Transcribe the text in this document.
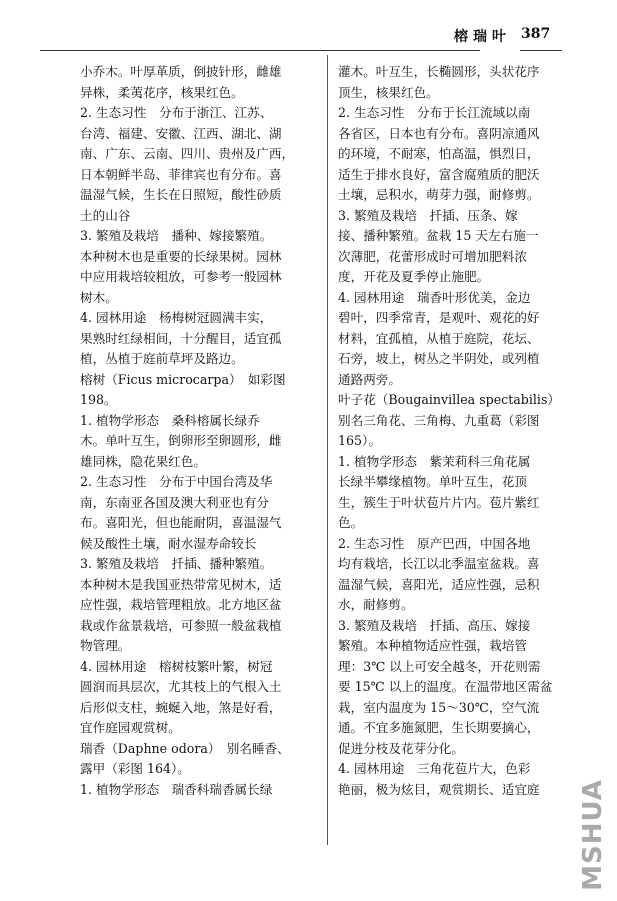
榕瑞叶 387
小乔木。叶厚革质，倒披针形，雌雄
异株，柔荑花序，核果红色。
2. 生态习性　分布于浙江、江苏、
台湾、福建、安徽、江西、湖北、湖
南、广东、云南、四川、贵州及广西，
日本朝鲜半岛、菲律宾也有分布。喜
温湿气候，生长在日照短，酸性砂质
土的山谷
3. 繁殖及栽培　播种、嫁接繁殖。
本种树木也是重要的长绿果树。园林
中应用栽培较粗放，可参考一般园林
树木。
4. 园林用途　杨梅树冠圆满丰实，
果熟时红绿相间，十分醒目，适宜孤
植，丛植于庭前草坪及路边。
榕树（Ficus microcarpa）　如彩图
198。
1. 植物学形态　桑科榕属长绿乔
木。单叶互生，倒卵形至卵圆形，雌
雄同株，隐花果红色。
2. 生态习性　分布于中国台湾及华
南，东南亚各国及澳大利亚也有分
布。喜阳光，但也能耐阴，喜温湿气
候及酸性土壤，耐水湿寿命较长
3. 繁殖及栽培　扦插、播种繁殖。
本种树木是我国亚热带常见树木，适
应性强，栽培管理粗放。北方地区盆
栽或作盆景栽培，可参照一般盆栽植
物管理。
4. 园林用途　榕树枝繁叶繁，树冠
圆润而具层次，尤其枝上的气根入土
后形似支柱，蜿蜒入地，煞是好看，
宜作庭园观赏树。
瑞香（Daphne odora）　别名睡香、
露甲（彩图 164）。
1. 植物学形态　瑞香科瑞香属长绿
灌木。叶互生，长椭圆形，头状花序
顶生，核果红色。
2. 生态习性　分布于长江流域以南
各省区，日本也有分布。喜阴凉通风
的环境，不耐寒，怕高温，惧烈日，
适生于排水良好，富含腐殖质的肥沃
土壤，忌积水，萌芽力强，耐修剪。
3. 繁殖及栽培　扦插、压条、嫁
接、播种繁殖。盆栽 15 天左右施一
次薄肥，花蕾形成时可增加肥料浓
度，开花及夏季停止施肥。
4. 园林用途　瑞香叶形优美，金边
碧叶，四季常青，是观叶、观花的好
材料，宜孤植，从植于庭院，花坛、
石旁，坡上，树丛之半阴处，或列植
通路两旁。
叶子花（Bougainvillea spectabilis）
别名三角花、三角梅、九重葛（彩图
165）。
1. 植物学形态　紫茉莉科三角花属
长绿半攀缘植物。单叶互生，花顶
生，簇生于叶状苞片片内。苞片紫红
色。
2. 生态习性　原产巴西，中国各地
均有栽培，长江以北季温室盆栽。喜
温湿气候，喜阳光，适应性强，忌积
水，耐修剪。
3. 繁殖及栽培　扦插、高压、嫁接
繁殖。本种植物适应性强，栽培管
理：3℃ 以上可安全越冬，开花则需
要 15℃ 以上的温度。在温带地区需盆
栽，室内温度为 15～30℃，空气流
通。不宜多施氮肥，生长期要摘心，
促进分枝及花芽分化。
4. 园林用途　三角花苞片大，色彩
艳丽，极为炫目，观赏期长、适宜庭	MSHUA
